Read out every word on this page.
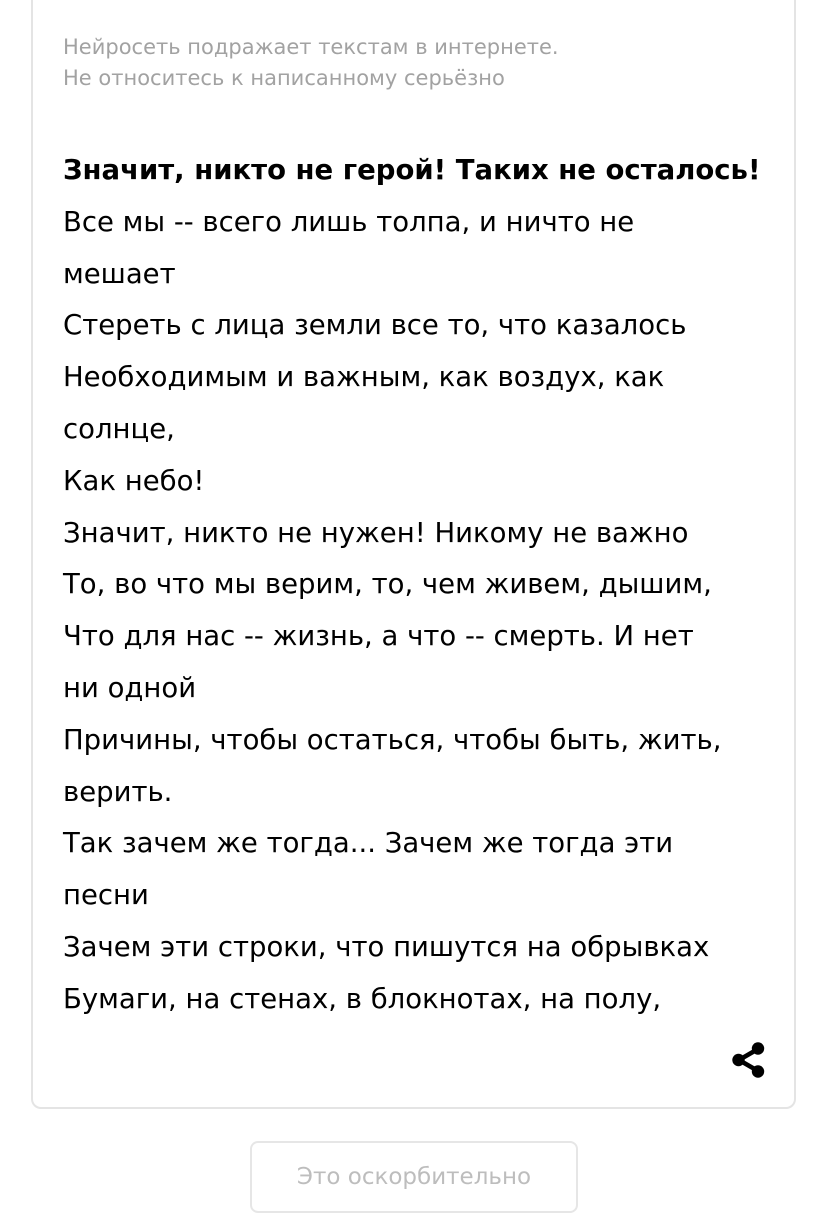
Нейросеть подражает текстам в интернете.
Не относитесь к написанному серьёзно
Значит, никто не герой! Таких не осталось!
Все мы -- всего лишь толпа, и ничто не
мешает
Стереть с лица земли все то, что казалось
Необходимым и важным, как воздух, как
солнце,
Как небо!
Значит, никто не нужен! Никому не важно
То, во что мы верим, то, чем живем, дышим,
Что для нас -- жизнь, а что -- смерть. И нет
ни одной
Причины, чтобы остаться, чтобы быть, жить,
верить.
Так зачем же тогда... Зачем же тогда эти
песни
Зачем эти строки, что пишутся на обрывках
Бумаги, на стенах, в блокнотах, на полу,
Это оскорбительно
